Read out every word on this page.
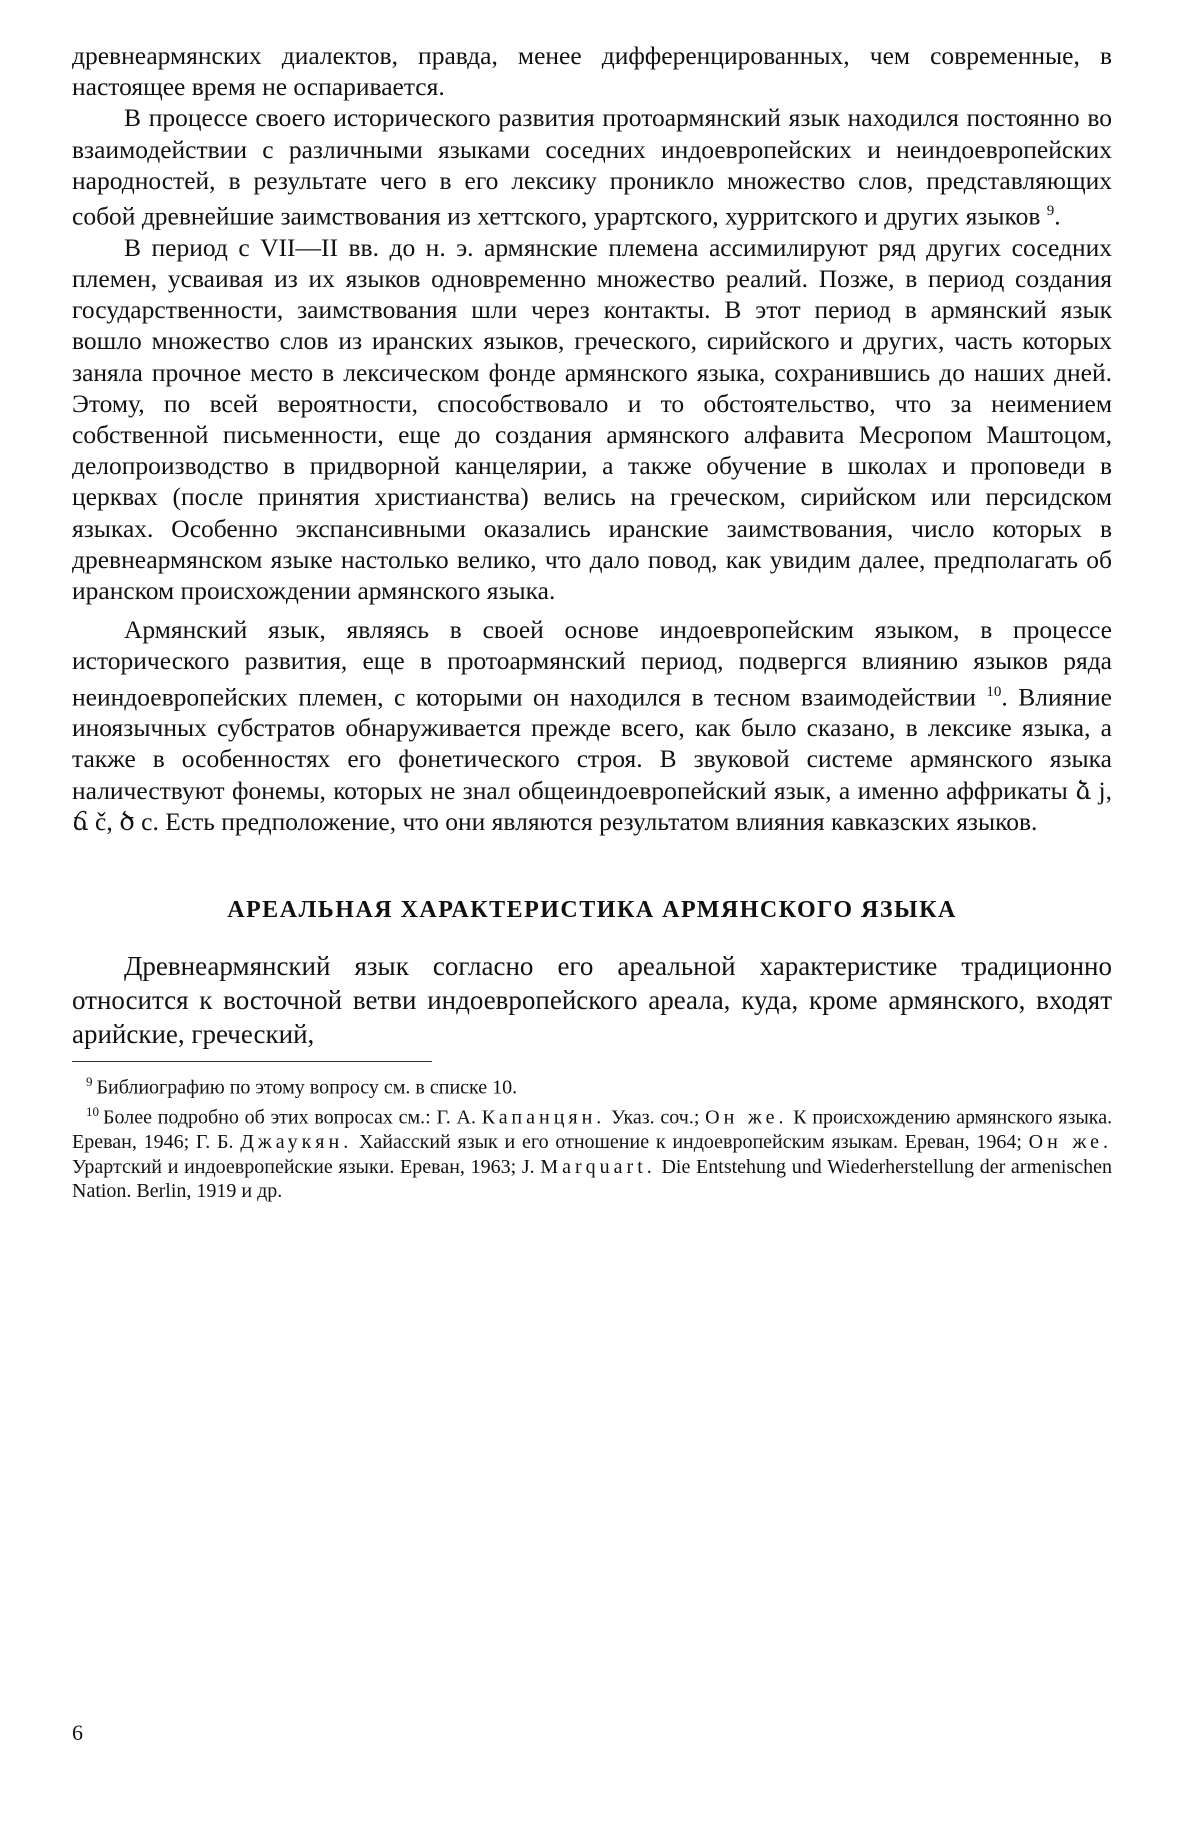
древнеармянских диалектов, правда, менее дифференцированных, чем современные, в настоящее время не оспаривается.

В процессе своего исторического развития протоармянский язык находился постоянно во взаимодействии с различными языками соседних индоевропейских и неиндоевропейских народностей, в результате чего в его лексику проникло множество слов, представляющих собой древнейшие заимствования из хеттского, урартского, хурритского и других языков $^9$.

В период с VII—II вв. до н. э. армянские племена ассимилируют ряд других соседних племен, усваивая из их языков одновременно множество реалий. Позже, в период создания государственности, заимствования шли через контакты. В этот период в армянский язык вошло множество слов из иранских языков, греческого, сирийского и других, часть которых заняла прочное место в лексическом фонде армянского языка, сохранившись до наших дней. Этому, по всей вероятности, способствовало и то обстоятельство, что за неимением собственной письменности, еще до создания армянского алфавита Месропом Маштоцом, делопроизводство в придворной канцелярии, а также обучение в школах и проповеди в церквах (после принятия христианства) велись на греческом, сирийском или персидском языках. Особенно экспансивными оказались иранские заимствования, число которых в древнеармянском языке настолько велико, что дало повод, как увидим далее, предполагать об иранском происхождении армянского языка.

Армянский язык, являясь в своей основе индоевропейским языком, в процессе исторического развития, еще в протоармянский период, подвергся влиянию языков ряда неиндоевропейских племен, с которыми он находился в тесном взаимодействии $^{10}$. Влияние иноязычных субстратов обнаруживается прежде всего, как было сказано, в лексике языка, а также в особенностях его фонетического строя. В звуковой системе армянского языка наличествуют фонемы, которых не знал общеиндоевропейский язык, а именно аффрикаты ձ j, ճ č, ծ c. Есть предположение, что они являются результатом влияния кавказских языков.

АРЕАЛЬНАЯ ХАРАКТЕРИСТИКА АРМЯНСКОГО ЯЗЫКА

Древнеармянский язык согласно его ареальной характеристике традиционно относится к восточной ветви индоевропейского ареала, куда, кроме армянского, входят арийские, греческий,

$^9$ Библиографию по этому вопросу см. в списке 10.

$^{10}$ Более подробно об этих вопросах см.: Г. А. Капанцян. Указ. соч.; Он же. К происхождению армянского языка. Ереван, 1946; Г. Б. Джаукян. Хайасский язык и его отношение к индоевропейским языкам. Ереван, 1964; Он же. Урартский и индоевропейские языки. Ереван, 1963; J. Marquart. Die Entstehung und Wiederherstellung der armenischen Nation. Berlin, 1919 и др.

6
